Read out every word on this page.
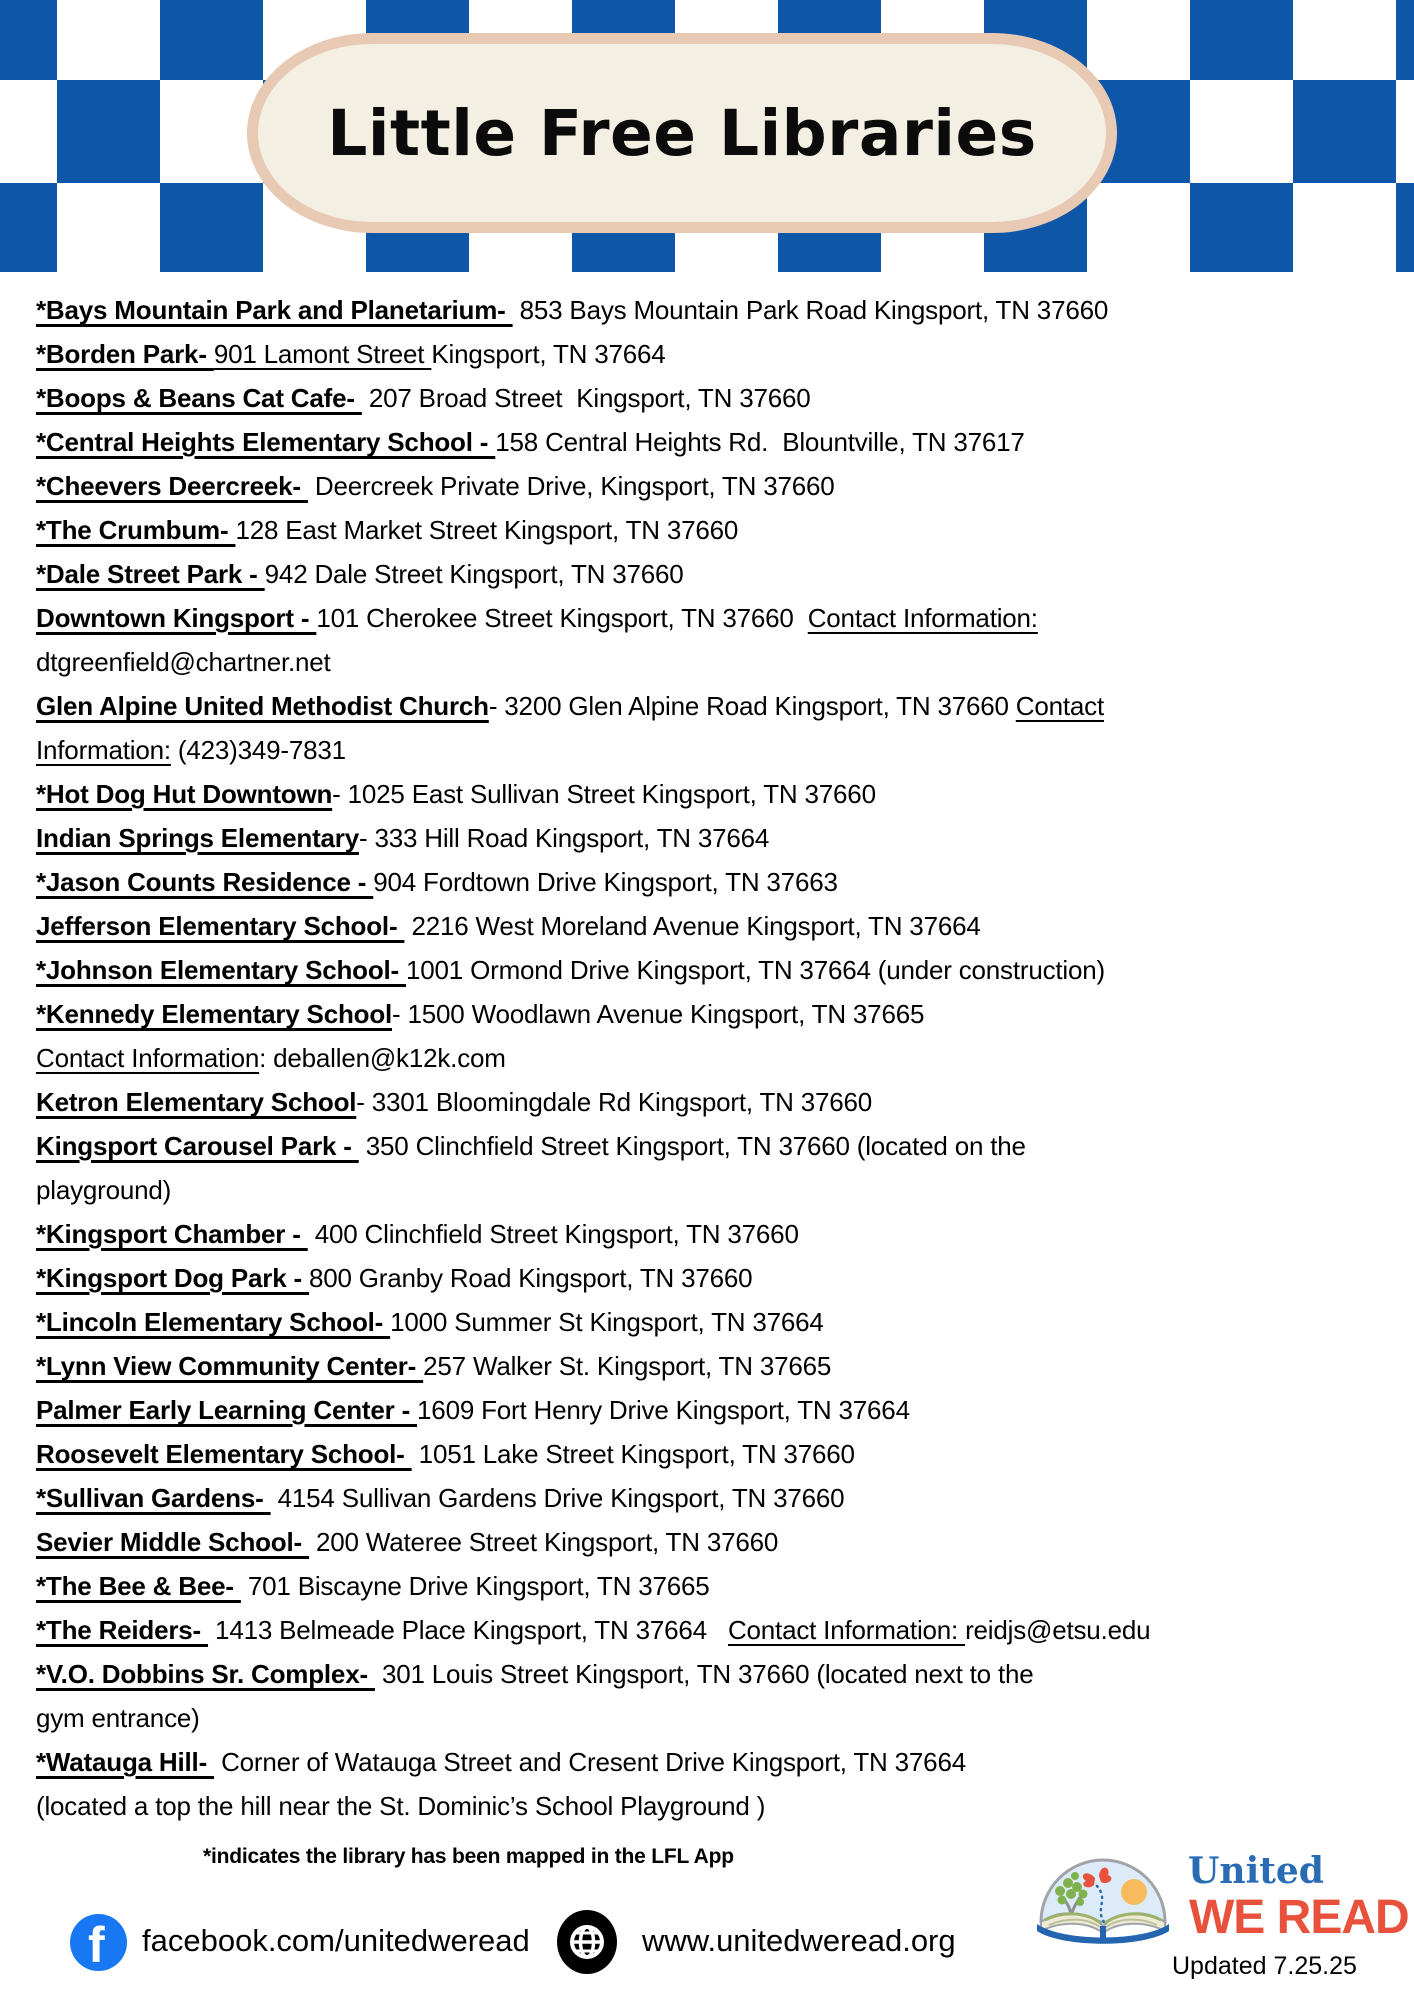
Little Free Libraries

*Bays Mountain Park and Planetarium-  853 Bays Mountain Park Road Kingsport, TN 37660

*Borden Park- 901 Lamont Street Kingsport, TN 37664

*Boops & Beans Cat Cafe-  207 Broad Street  Kingsport, TN 37660

*Central Heights Elementary School - 158 Central Heights Rd.  Blountville, TN 37617

*Cheevers Deercreek-  Deercreek Private Drive, Kingsport, TN 37660

*The Crumbum- 128 East Market Street Kingsport, TN 37660

*Dale Street Park - 942 Dale Street Kingsport, TN 37660

Downtown Kingsport - 101 Cherokee Street Kingsport, TN 37660  Contact Information:
dtgreenfield@chartner.net

Glen Alpine United Methodist Church- 3200 Glen Alpine Road Kingsport, TN 37660 Contact
Information: (423)349-7831

*Hot Dog Hut Downtown- 1025 East Sullivan Street Kingsport, TN 37660

Indian Springs Elementary- 333 Hill Road Kingsport, TN 37664

*Jason Counts Residence - 904 Fordtown Drive Kingsport, TN 37663

Jefferson Elementary School-  2216 West Moreland Avenue Kingsport, TN 37664

*Johnson Elementary School- 1001 Ormond Drive Kingsport, TN 37664 (under construction)

*Kennedy Elementary School- 1500 Woodlawn Avenue Kingsport, TN 37665
Contact Information: deballen@k12k.com

Ketron Elementary School- 3301 Bloomingdale Rd Kingsport, TN 37660

Kingsport Carousel Park -  350 Clinchfield Street Kingsport, TN 37660 (located on the
playground)

*Kingsport Chamber -  400 Clinchfield Street Kingsport, TN 37660

*Kingsport Dog Park - 800 Granby Road Kingsport, TN 37660

*Lincoln Elementary School- 1000 Summer St Kingsport, TN 37664

*Lynn View Community Center- 257 Walker St. Kingsport, TN 37665

Palmer Early Learning Center - 1609 Fort Henry Drive Kingsport, TN 37664

Roosevelt Elementary School-  1051 Lake Street Kingsport, TN 37660

*Sullivan Gardens-  4154 Sullivan Gardens Drive Kingsport, TN 37660

Sevier Middle School-  200 Wateree Street Kingsport, TN 37660

*The Bee & Bee-  701 Biscayne Drive Kingsport, TN 37665

*The Reiders-  1413 Belmeade Place Kingsport, TN 37664   Contact Information: reidjs@etsu.edu

*V.O. Dobbins Sr. Complex-  301 Louis Street Kingsport, TN 37660 (located next to the
gym entrance)

*Watauga Hill-  Corner of Watauga Street and Cresent Drive Kingsport, TN 37664
(located a top the hill near the St. Dominic’s School Playground )

*indicates the library has been mapped in the LFL App
f facebook.com/unitedweread	www.unitedweread.org
United
WE READ
Updated 7.25.25
